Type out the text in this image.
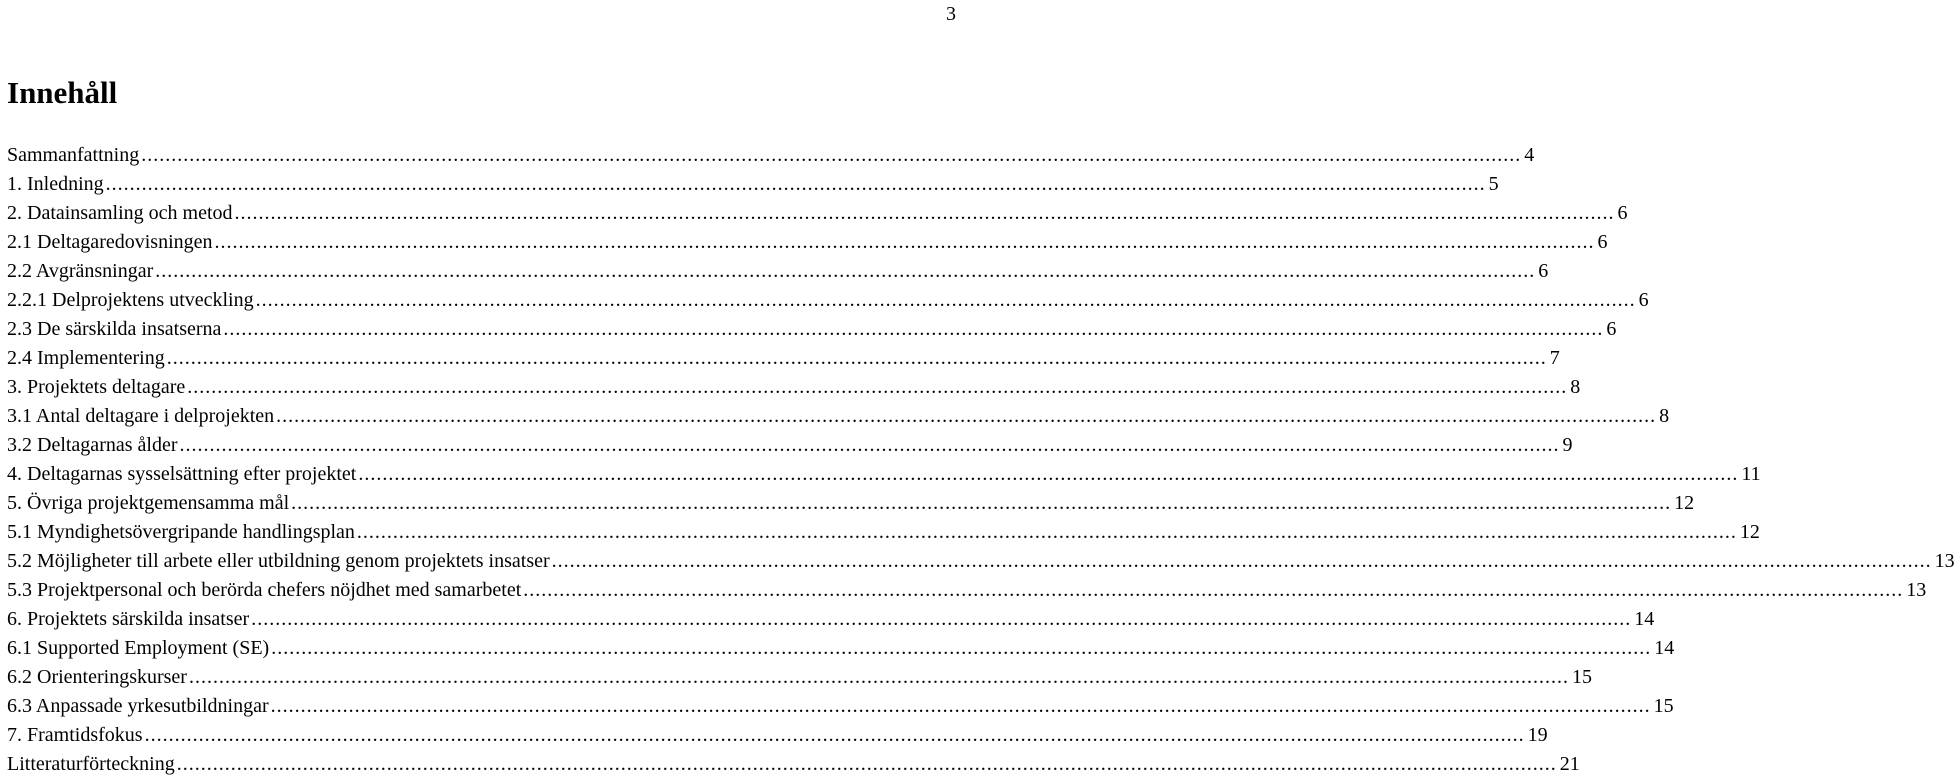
3
Innehåll
Sammanfattning .....	4
1. Inledning .....	5
2. Datainsamling och metod .....	6
2.1 Deltagaredovisningen .....	6
2.2 Avgränsningar .....	6
2.2.1 Delprojektens utveckling .....	6
2.3 De särskilda insatserna .....	6
2.4 Implementering .....	7
3. Projektets deltagare .....	8
3.1 Antal deltagare i delprojekten .....	8
3.2 Deltagarnas ålder .....	9
4. Deltagarnas sysselsättning efter projektet .....	11
5. Övriga projektgemensamma mål .....	12
5.1 Myndighetsövergripande handlingsplan .....	12
5.2 Möjligheter till arbete eller utbildning genom projektets insatser .....	13
5.3 Projektpersonal och berörda chefers nöjdhet med samarbetet .....	13
6. Projektets särskilda insatser .....	14
6.1 Supported Employment (SE) .....	14
6.2 Orienteringskurser .....	15
6.3 Anpassade yrkesutbildningar .....	15
7. Framtidsfokus .....	19
Litteraturförteckning .....	21
